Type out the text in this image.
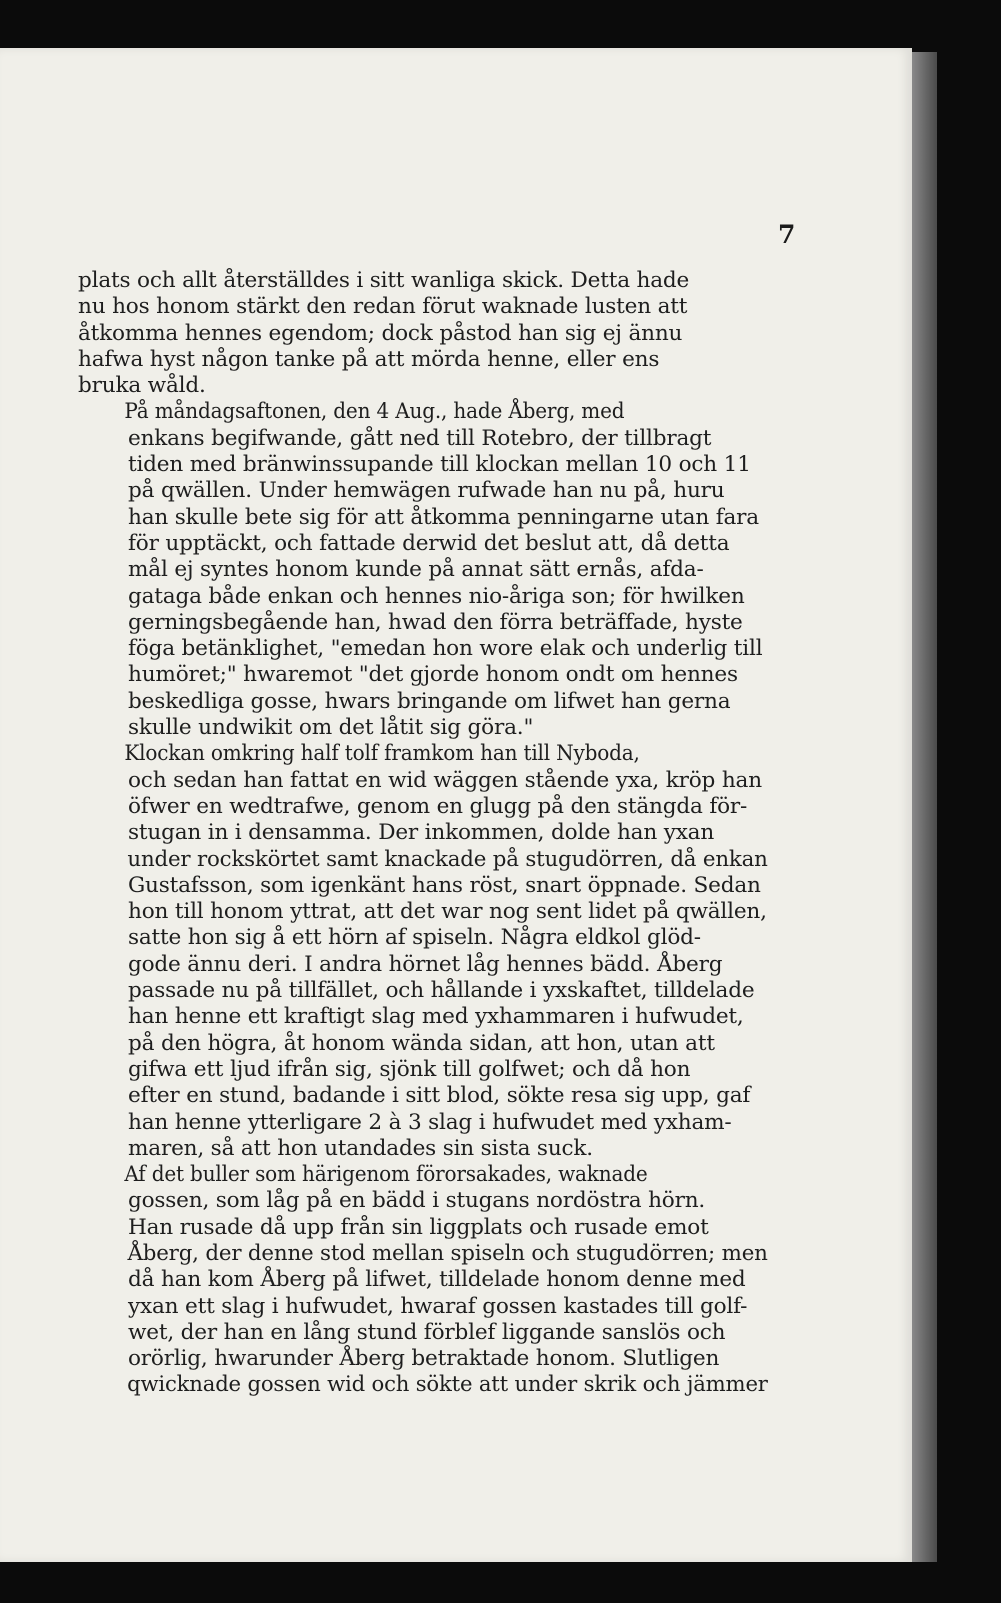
7

plats och allt återställdes i sitt wanliga skick. Detta hade
nu hos honom stärkt den redan förut waknade lusten att
åtkomma hennes egendom; dock påstod han sig ej ännu
hafwa hyst någon tanke på att mörda henne, eller ens
bruka wåld.

På måndagsaftonen, den 4 Aug., hade Åberg, med
enkans begifwande, gått ned till Rotebro, der tillbragt
tiden med bränwinssupande till klockan mellan 10 och 11
på qwällen. Under hemwägen rufwade han nu på, huru
han skulle bete sig för att åtkomma penningarne utan fara
för upptäckt, och fattade derwid det beslut att, då detta
mål ej syntes honom kunde på annat sätt ernås, afda-
gataga både enkan och hennes nio-åriga son; för hwilken
gerningsbegående han, hwad den förra beträffade, hyste
föga betänklighet, "emedan hon wore elak och underlig till
humöret;" hwaremot "det gjorde honom ondt om hennes
beskedliga gosse, hwars bringande om lifwet han gerna
skulle undwikit om det låtit sig göra."

Klockan omkring half tolf framkom han till Nyboda,
och sedan han fattat en wid wäggen stående yxa, kröp han
öfwer en wedtrafwe, genom en glugg på den stängda för-
stugan in i densamma. Der inkommen, dolde han yxan
under rockskörtet samt knackade på stugudörren, då enkan
Gustafsson, som igenkänt hans röst, snart öppnade. Sedan
hon till honom yttrat, att det war nog sent lidet på qwällen,
satte hon sig å ett hörn af spiseln. Några eldkol glöd-
gode ännu deri. I andra hörnet låg hennes bädd. Åberg
passade nu på tillfället, och hållande i yxskaftet, tilldelade
han henne ett kraftigt slag med yxhammaren i hufwudet,
på den högra, åt honom wända sidan, att hon, utan att
gifwa ett ljud ifrån sig, sjönk till golfwet; och då hon
efter en stund, badande i sitt blod, sökte resa sig upp, gaf
han henne ytterligare 2 à 3 slag i hufwudet med yxham-
maren, så att hon utandades sin sista suck.

Af det buller som härigenom förorsakades, waknade
gossen, som låg på en bädd i stugans nordöstra hörn.
Han rusade då upp från sin liggplats och rusade emot
Åberg, der denne stod mellan spiseln och stugudörren; men
då han kom Åberg på lifwet, tilldelade honom denne med
yxan ett slag i hufwudet, hwaraf gossen kastades till golf-
wet, der han en lång stund förblef liggande sanslös och
orörlig, hwarunder Åberg betraktade honom. Slutligen
qwicknade gossen wid och sökte att under skrik och jämmer
